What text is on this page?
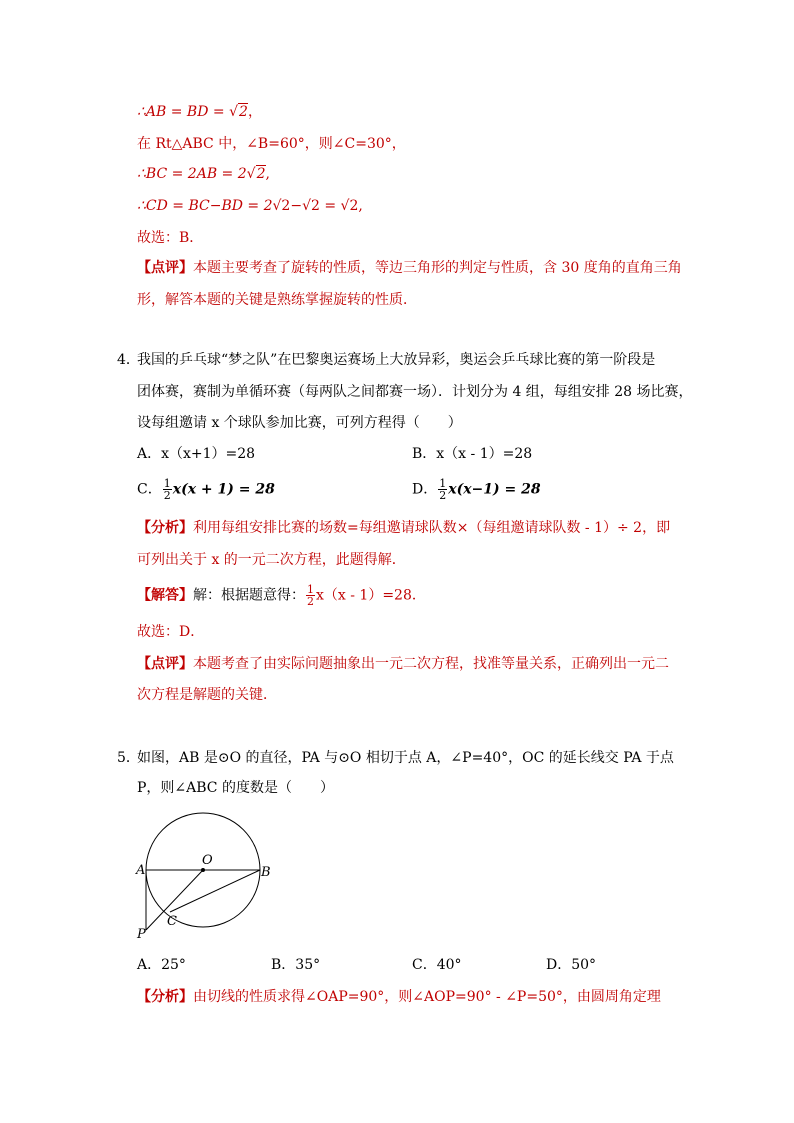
∴AB = BD = √2，
在 Rt△ABC 中，∠B=60°，则∠C=30°，
∴BC = 2AB = 2√2,
∴CD = BC−BD = 2√2−√2 = √2,
故选：B．
【点评】本题主要考查了旋转的性质，等边三角形的判定与性质，含 30 度角的直角三角
形，解答本题的关键是熟练掌握旋转的性质．
4．
我国的乒乓球“梦之队”在巴黎奥运赛场上大放异彩，奥运会乒乓球比赛的第一阶段是
团体赛，赛制为单循环赛（每两队之间都赛一场）．计划分为 4 组，每组安排 28 场比赛，
设每组邀请 x 个球队参加比赛，可列方程得（　　）
A．x（x+1）=28	B．x（x - 1）=28
C． $\frac{1}{2} x(x + 1) = 28$	D． $\frac{1}{2} x(x-1) = 28$
【分析】利用每组安排比赛的场数=每组邀请球队数×（每组邀请球队数 - 1）÷ 2，即
可列出关于 x 的一元二次方程，此题得解．
【解答】解：根据题意得： $\frac{1}{2} x(x - 1)=28$．
故选：D．
【点评】本题考查了由实际问题抽象出一元二次方程，找准等量关系，正确列出一元二
次方程是解题的关键．
5．
如图，AB 是⊙O 的直径，PA 与⊙O 相切于点 A，∠P=40°，OC 的延长线交 PA 于点
P，则∠ABC 的度数是（　　）
O
A	B
C
P
A．25°	B．35°	C．40°	D．50°
【分析】由切线的性质求得∠OAP=90°，则∠AOP=90° - ∠P=50°，由圆周角定理
